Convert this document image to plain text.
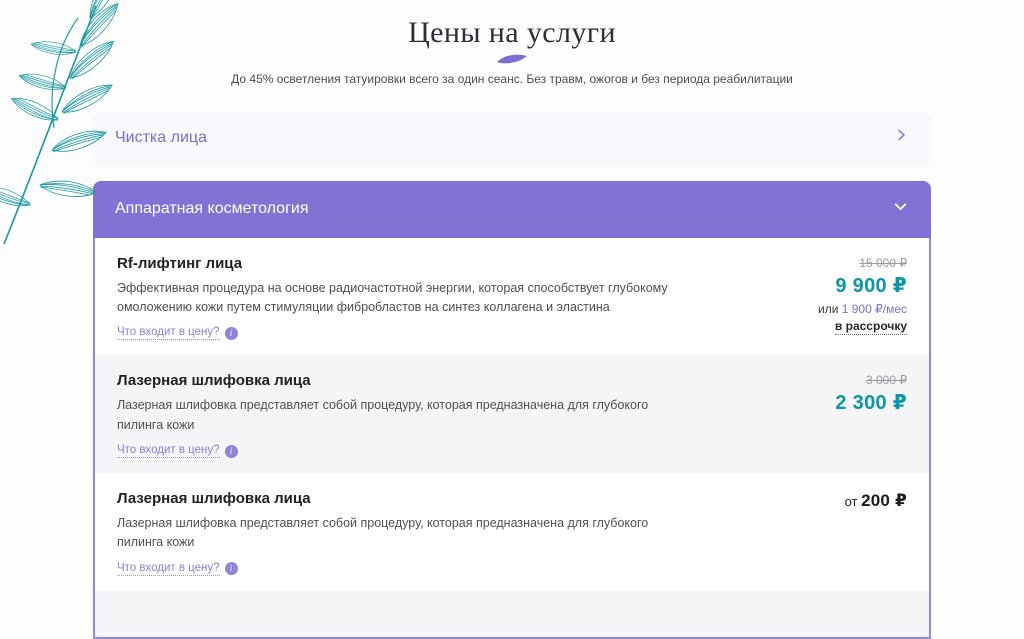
Цены на услуги

До 45% осветления татуировки всего за один сеанс. Без травм, ожогов и без периода реабилитации

Чистка лица
Аппаратная косметология
Rf-лифтинг лица
Эффективная процедура на основе радиочастотной энергии, которая способствует глубокому омоложению кожи путем стимуляции фибробластов на синтез коллагена и эластина
Что входит в цену?	i
15 000 ₽
9 900 ₽
или 1 900 ₽/мес
в рассрочку
Лазерная шлифовка лица
Лазерная шлифовка представляет собой процедуру, которая предназначена для глубокого пилинга кожи
Что входит в цену?	i
3 000 ₽
2 300 ₽
Лазерная шлифовка лица
Лазерная шлифовка представляет собой процедуру, которая предназначена для глубокого пилинга кожи
Что входит в цену?	i
от 200 ₽
